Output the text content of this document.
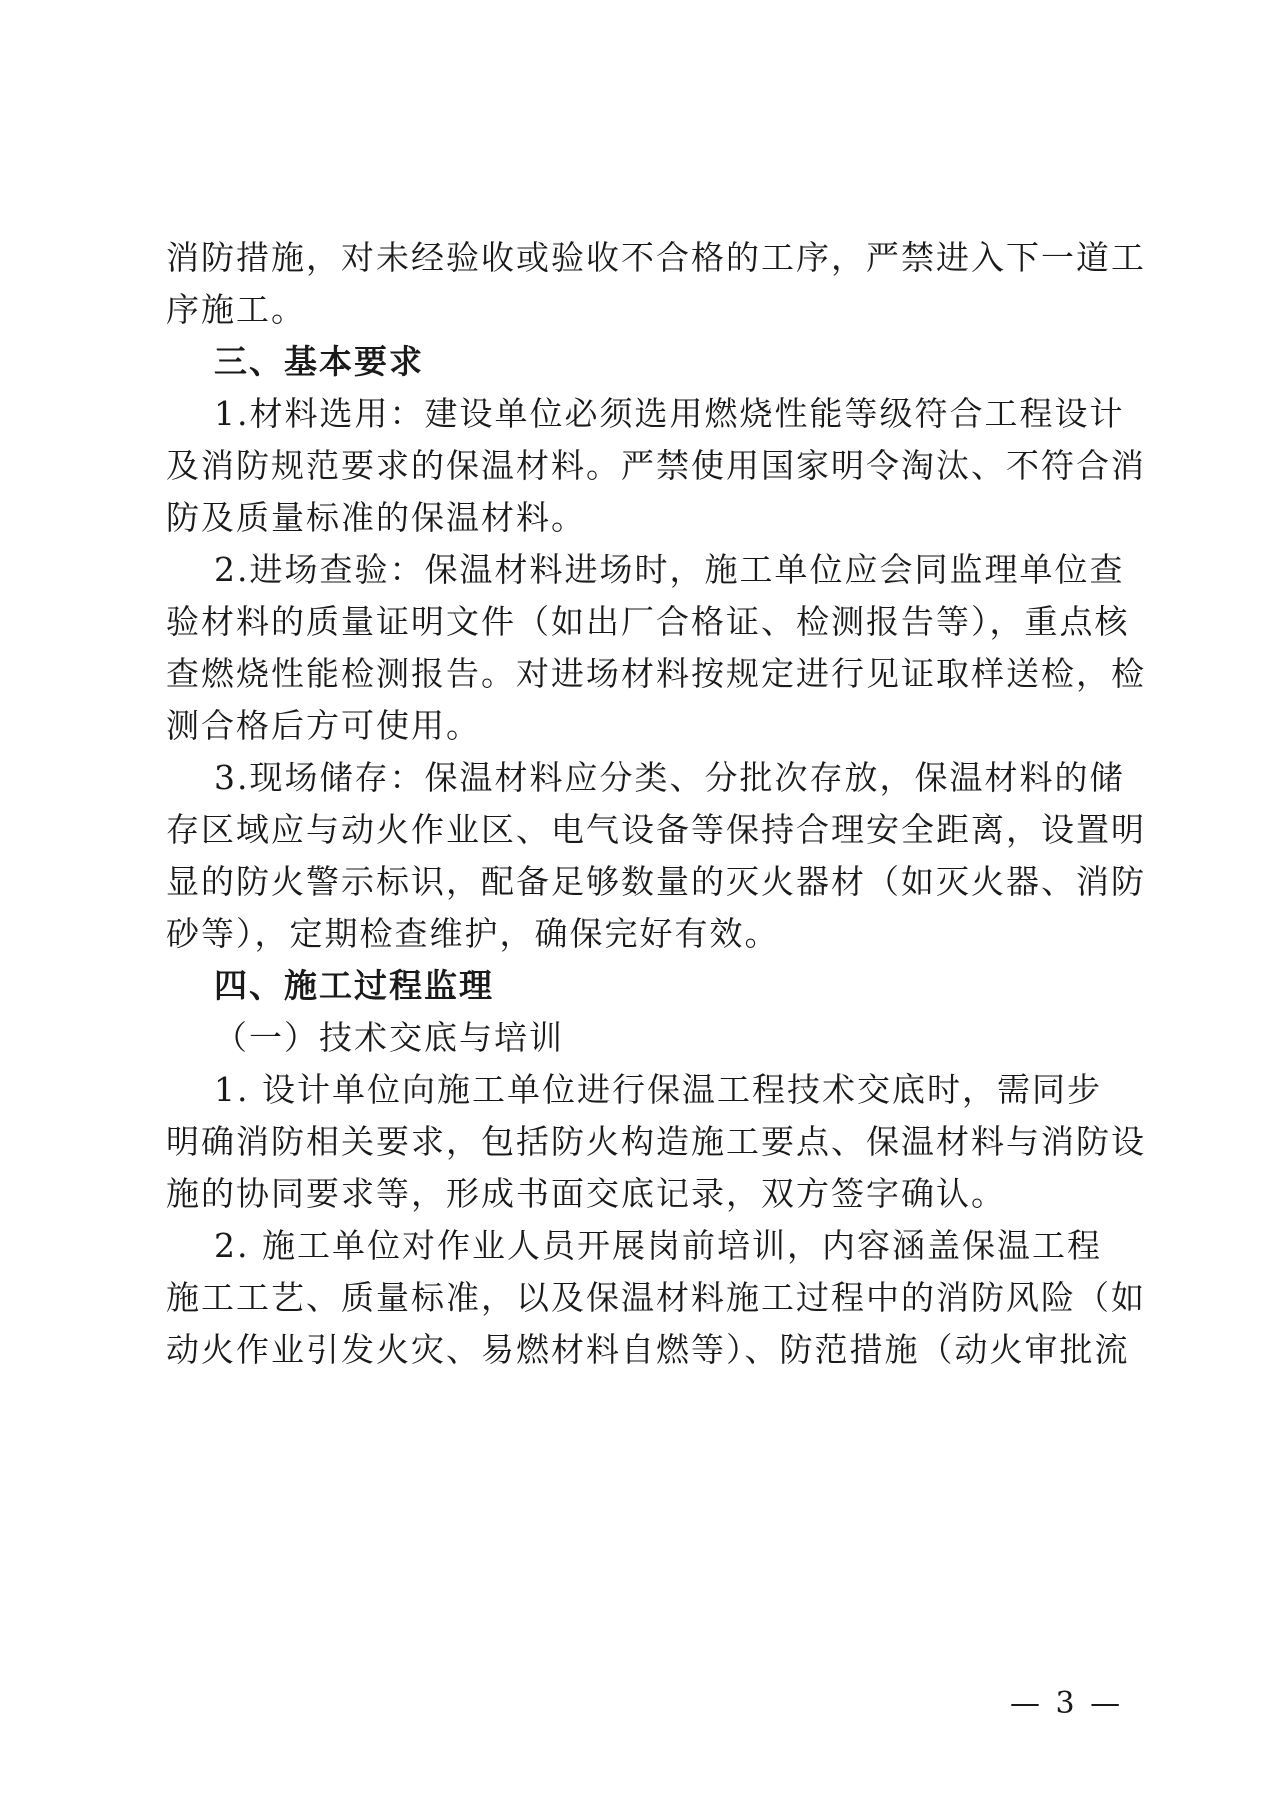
消防措施，对未经验收或验收不合格的工序，严禁进入下一道工
序施工。
三、基本要求
1.材料选用：建设单位必须选用燃烧性能等级符合工程设计
及消防规范要求的保温材料。严禁使用国家明令淘汰、不符合消
防及质量标准的保温材料。
2.进场查验：保温材料进场时，施工单位应会同监理单位查
验材料的质量证明文件（如出厂合格证、检测报告等），重点核
查燃烧性能检测报告。对进场材料按规定进行见证取样送检，检
测合格后方可使用。
3.现场储存：保温材料应分类、分批次存放，保温材料的储
存区域应与动火作业区、电气设备等保持合理安全距离，设置明
显的防火警示标识，配备足够数量的灭火器材（如灭火器、消防
砂等），定期检查维护，确保完好有效。
四、施工过程监理
（一）技术交底与培训
1. 设计单位向施工单位进行保温工程技术交底时，需同步
明确消防相关要求，包括防火构造施工要点、保温材料与消防设
施的协同要求等，形成书面交底记录，双方签字确认。
2. 施工单位对作业人员开展岗前培训，内容涵盖保温工程
施工工艺、质量标准，以及保温材料施工过程中的消防风险（如
动火作业引发火灾、易燃材料自燃等）、防范措施（动火审批流
— 3 —
